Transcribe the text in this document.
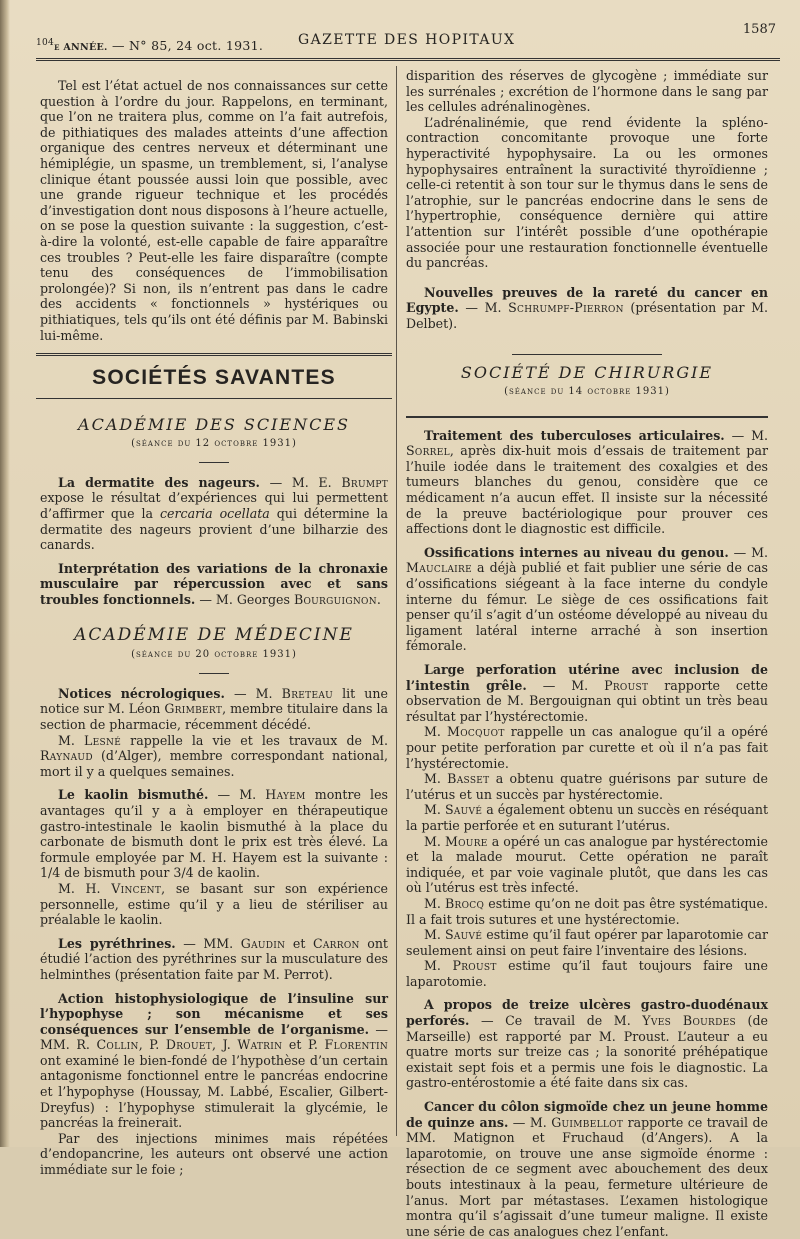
$^{104}$e ANNÉE. — N° 85, 24 oct. 1931. GAZETTE DES HOPITAUX
1587

Tel est l’état actuel de nos connaissances sur cette question à l’ordre du jour. Rappelons, en terminant, que l’on ne traitera plus, comme on l’a fait autrefois, de pithiatiques des malades atteints d’une affection organique des centres nerveux et déterminant une hémiplégie, un spasme, un tremblement, si, l’analyse clinique étant poussée aussi loin que possible, avec une grande rigueur technique et les procédés d’investigation dont nous disposons à l’heure actuelle, on se pose la question suivante : la suggestion, c’est-à-dire la volonté, est-elle capable de faire apparaître ces troubles ? Peut-elle les faire disparaître (compte tenu des conséquences de l’immobilisation prolongée)? Si non, ils n’entrent pas dans le cadre des accidents « fonctionnels » hystériques ou pithiatiques, tels qu’ils ont été définis par M. Babinski lui-même.

SOCIÉTÉS SAVANTES
ACADÉMIE DES SCIENCES
(séance du 12 octobre 1931)

La dermatite des nageurs. — M. E. Brumpt expose le résultat d’expériences qui lui permettent d’affirmer que la cercaria ocellata qui détermine la dermatite des nageurs provient d’une bilharzie des canards.

Interprétation des variations de la chronaxie musculaire par répercussion avec et sans troubles fonctionnels. — M. Georges Bourguignon.

ACADÉMIE DE MÉDECINE
(séance du 20 octobre 1931)

Notices nécrologiques. — M. Breteau lit une notice sur M. Léon Grimbert, membre titulaire dans la section de pharmacie, récemment décédé.

M. Lesné rappelle la vie et les travaux de M. Raynaud (d’Alger), membre correspondant national, mort il y a quelques semaines.

Le kaolin bismuthé. — M. Hayem montre les avantages qu’il y a à employer en thérapeutique gastro-intestinale le kaolin bismuthé à la place du carbonate de bismuth dont le prix est très élevé. La formule employée par M. H. Hayem est la suivante : 1/4 de bismuth pour 3/4 de kaolin.

M. H. Vincent, se basant sur son expérience personnelle, estime qu’il y a lieu de stériliser au préalable le kaolin.

Les pyréthrines. — MM. Gaudin et Carron ont étudié l’action des pyréthrines sur la musculature des helminthes (présentation faite par M. Perrot).

Action histophysiologique de l’insuline sur l’hypophyse ; son mécanisme et ses conséquences sur l’ensemble de l’organisme. — MM. R. Collin, P. Drouet, J. Watrin et P. Florentin ont examiné le bien-fondé de l’hypothèse d’un certain antagonisme fonctionnel entre le pancréas endocrine et l’hypophyse (Houssay, M. Labbé, Escalier, Gilbert-Dreyfus) : l’hypophyse stimulerait la glycémie, le pancréas la freinerait.

Par des injections minimes mais répétées d’endopancrine, les auteurs ont observé une action immédiate sur le foie ;

disparition des réserves de glycogène ; immédiate sur les surrénales ; excrétion de l’hormone dans le sang par les cellules adrénalinogènes.

L’adrénalinémie, que rend évidente la spléno-contraction concomitante provoque une forte hyperactivité hypophysaire. La ou les ormones hypophysaires entraînent la suractivité thyroïdienne ; celle-ci retentit à son tour sur le thymus dans le sens de l’atrophie, sur le pancréas endocrine dans le sens de l’hypertrophie, conséquence dernière qui attire l’attention sur l’intérêt possible d’une opothérapie associée pour une restauration fonctionnelle éventuelle du pancréas.

Nouvelles preuves de la rareté du cancer en Egypte. — M. Schrumpf-Pierron (présentation par M. Delbet).

SOCIÉTÉ DE CHIRURGIE
(séance du 14 octobre 1931)

Traitement des tuberculoses articulaires. — M. Sorrel, après dix-huit mois d’essais de traitement par l’huile iodée dans le traitement des coxalgies et des tumeurs blanches du genou, considère que ce médicament n’a aucun effet. Il insiste sur la nécessité de la preuve bactériologique pour prouver ces affections dont le diagnostic est difficile.

Ossifications internes au niveau du genou. — M. Mauclaire a déjà publié et fait publier une série de cas d’ossifications siégeant à la face interne du condyle interne du fémur. Le siège de ces ossifications fait penser qu’il s’agit d’un ostéome développé au niveau du ligament latéral interne arraché à son insertion fémorale.

Large perforation utérine avec inclusion de l’intestin grêle. — M. Proust rapporte cette observation de M. Bergouignan qui obtint un très beau résultat par l’hystérectomie.

M. Mocquot rappelle un cas analogue qu’il a opéré pour petite perforation par curette et où il n’a pas fait l’hystérectomie.

M. Basset a obtenu quatre guérisons par suture de l’utérus et un succès par hystérectomie.

M. Sauvé a également obtenu un succès en réséquant la partie perforée et en suturant l’utérus.

M. Moure a opéré un cas analogue par hystérectomie et la malade mourut. Cette opération ne paraît indiquée, et par voie vaginale plutôt, que dans les cas où l’utérus est très infecté.

M. Brocq estime qu’on ne doit pas être systématique. Il a fait trois sutures et une hystérectomie.

M. Sauvé estime qu’il faut opérer par laparotomie car seulement ainsi on peut faire l’inventaire des lésions.

M. Proust estime qu’il faut toujours faire une laparotomie.

A propos de treize ulcères gastro-duodénaux perforés. — Ce travail de M. Yves Bourdes (de Marseille) est rapporté par M. Proust. L’auteur a eu quatre morts sur treize cas ; la sonorité préhépatique existait sept fois et a permis une fois le diagnostic. La gastro-entérostomie a été faite dans six cas.

Cancer du côlon sigmoïde chez un jeune homme de quinze ans. — M. Guimbellot rapporte ce travail de MM. Matignon et Fruchaud (d’Angers). A la laparotomie, on trouve une anse sigmoïde énorme : résection de ce segment avec abouchement des deux bouts intestinaux à la peau, fermeture ultérieure de l’anus. Mort par métastases. L’examen histologique montra qu’il s’agissait d’une tumeur maligne. Il existe une série de cas analogues chez l’enfant.
